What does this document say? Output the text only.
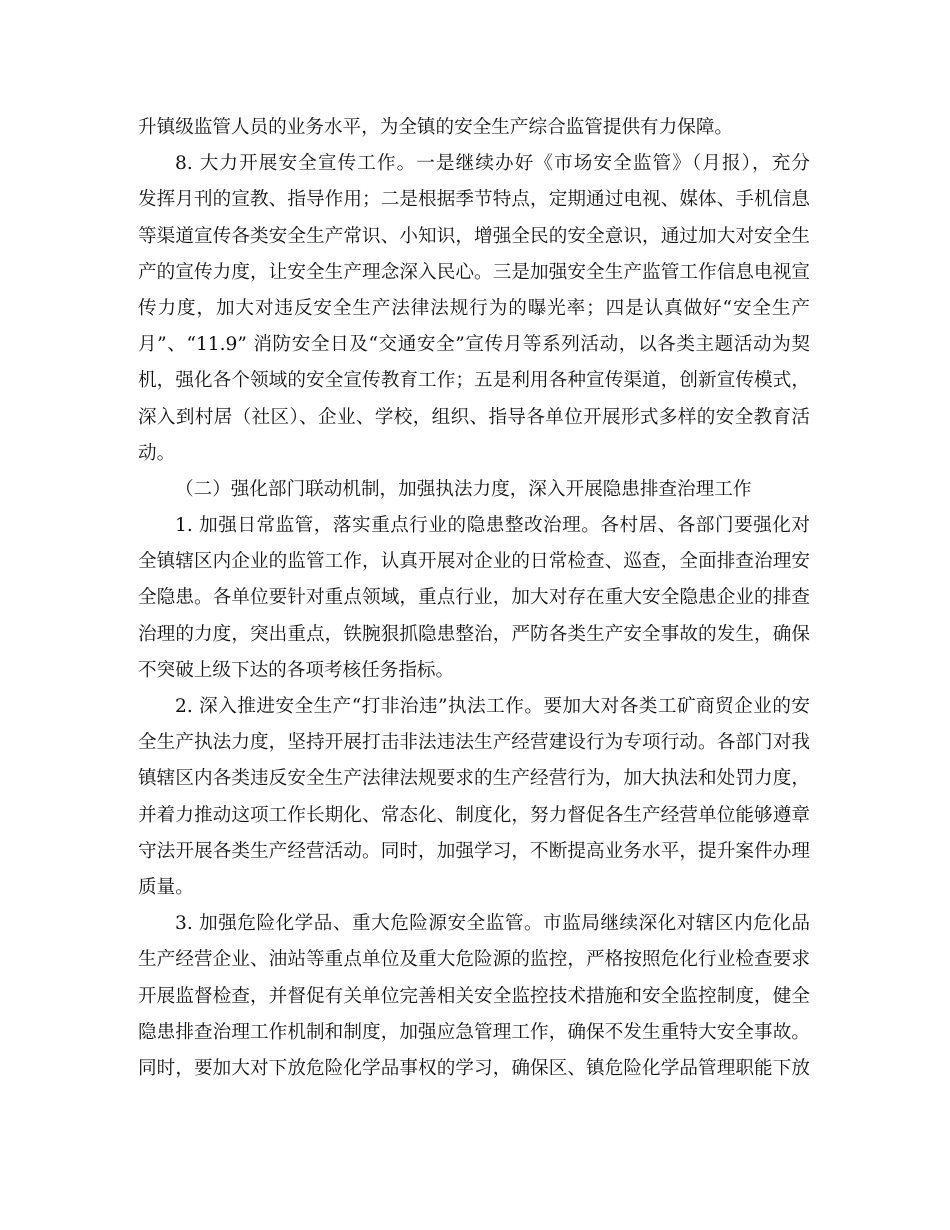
升镇级监管人员的业务水平，为全镇的安全生产综合监管提供有力保障。
8. 大力开展安全宣传工作。一是继续办好《市场安全监管》（月报），充分
发挥月刊的宣教、指导作用；二是根据季节特点，定期通过电视、媒体、手机信息
等渠道宣传各类安全生产常识、小知识，增强全民的安全意识，通过加大对安全生
产的宣传力度，让安全生产理念深入民心。三是加强安全生产监管工作信息电视宣
传力度，加大对违反安全生产法律法规行为的曝光率；四是认真做好“安全生产
月”、“11.9” 消防安全日及“交通安全”宣传月等系列活动，以各类主题活动为契
机，强化各个领域的安全宣传教育工作；五是利用各种宣传渠道，创新宣传模式，
深入到村居（社区）、企业、学校，组织、指导各单位开展形式多样的安全教育活
动。
（二）强化部门联动机制，加强执法力度，深入开展隐患排查治理工作
1. 加强日常监管，落实重点行业的隐患整改治理。各村居、各部门要强化对
全镇辖区内企业的监管工作，认真开展对企业的日常检查、巡查，全面排查治理安
全隐患。各单位要针对重点领域，重点行业，加大对存在重大安全隐患企业的排查
治理的力度，突出重点，铁腕狠抓隐患整治，严防各类生产安全事故的发生，确保
不突破上级下达的各项考核任务指标。
2. 深入推进安全生产“打非治违”执法工作。要加大对各类工矿商贸企业的安
全生产执法力度，坚持开展打击非法违法生产经营建设行为专项行动。各部门对我
镇辖区内各类违反安全生产法律法规要求的生产经营行为，加大执法和处罚力度，
并着力推动这项工作长期化、常态化、制度化，努力督促各生产经营单位能够遵章
守法开展各类生产经营活动。同时，加强学习，不断提高业务水平，提升案件办理
质量。
3. 加强危险化学品、重大危险源安全监管。市监局继续深化对辖区内危化品
生产经营企业、油站等重点单位及重大危险源的监控，严格按照危化行业检查要求
开展监督检查，并督促有关单位完善相关安全监控技术措施和安全监控制度，健全
隐患排查治理工作机制和制度，加强应急管理工作，确保不发生重特大安全事故。
同时，要加大对下放危险化学品事权的学习，确保区、镇危险化学品管理职能下放
